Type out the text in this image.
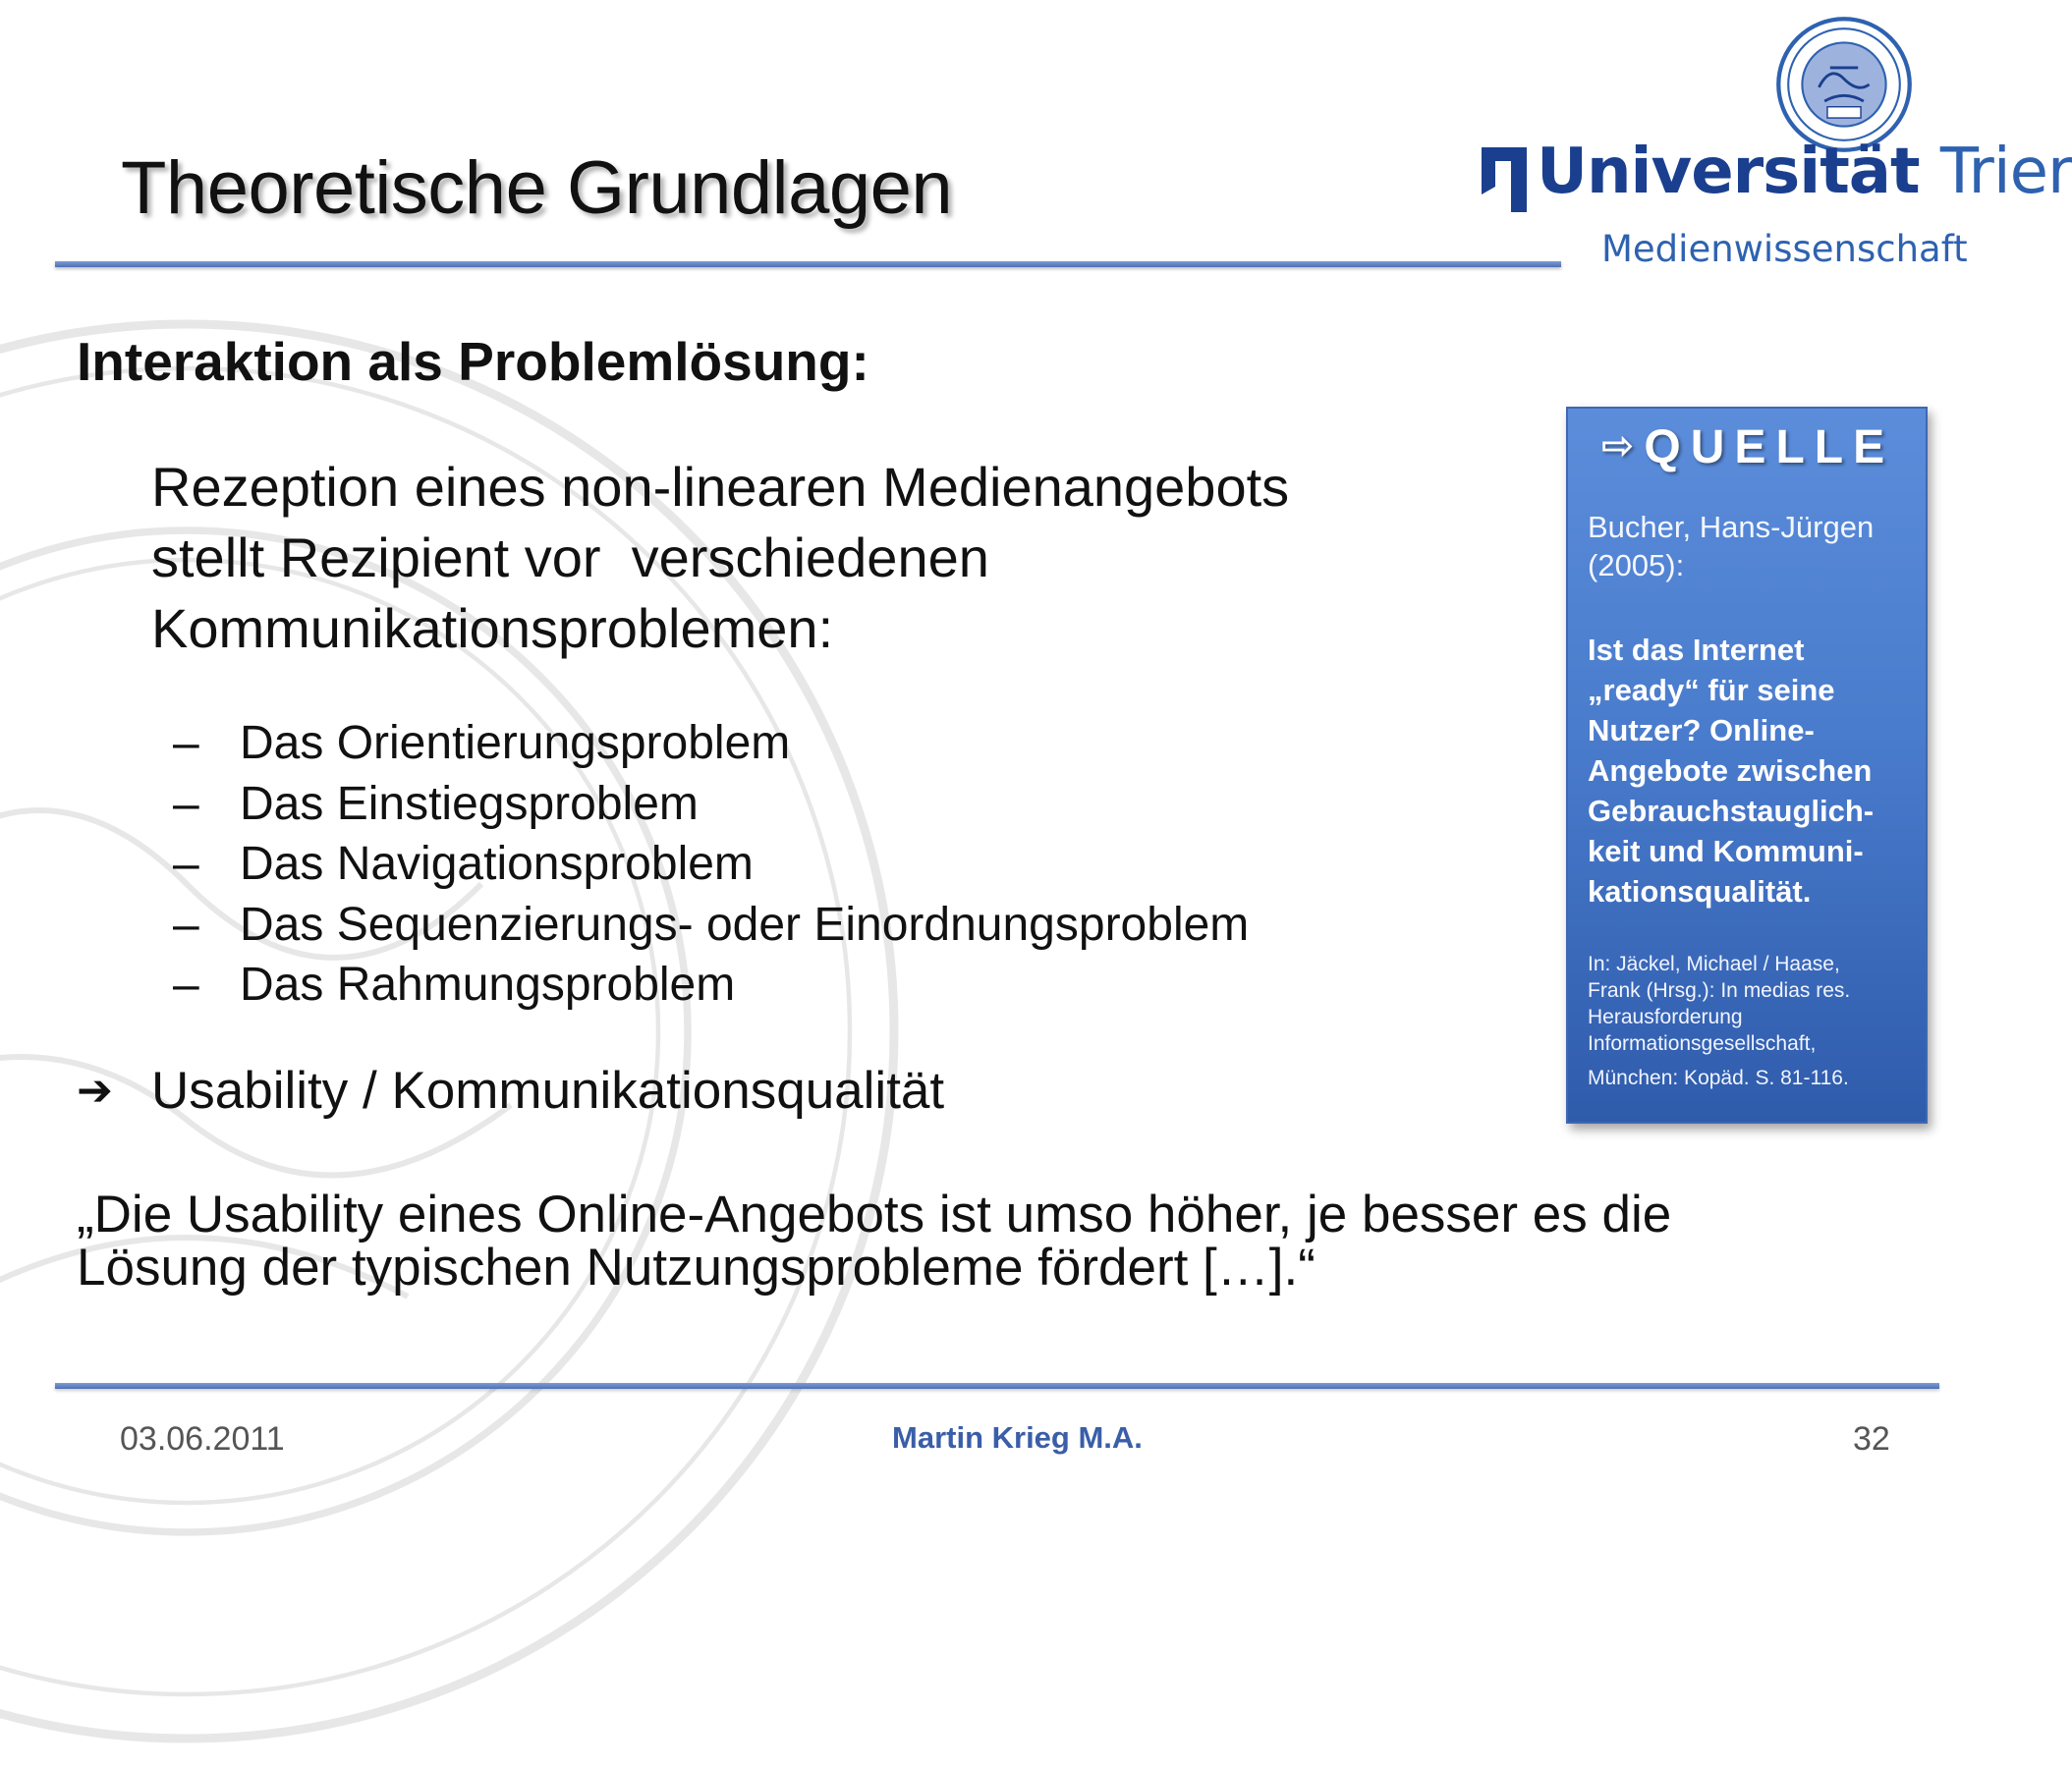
Theoretische Grundlagen	Universität Trier
Medienwissenschaft
Interaktion als Problemlösung:
Rezeption eines non-linearen Medienangebots
stellt Rezipient vor  verschiedenen
Kommunikationsproblemen:
– Das Orientierungsproblem
– Das Einstiegsproblem
– Das Navigationsproblem
– Das Sequenzierungs- oder Einordnungsproblem
– Das Rahmungsproblem
➔ Usability / Kommunikationsqualität
„Die Usability eines Online-Angebots ist umso höher, je besser es die
Lösung der typischen Nutzungsprobleme fördert […].“
⇨ QUELLE
Bucher, Hans-Jürgen
(2005):
Ist das Internet
„ready“ für seine
Nutzer? Online-
Angebote zwischen
Gebrauchstauglich-
keit und Kommuni-
kationsqualität.
In: Jäckel, Michael / Haase,
Frank (Hrsg.): In medias res.
Herausforderung
Informationsgesellschaft,
München: Kopäd. S. 81-116.
03.06.2011	Martin Krieg M.A.	32
